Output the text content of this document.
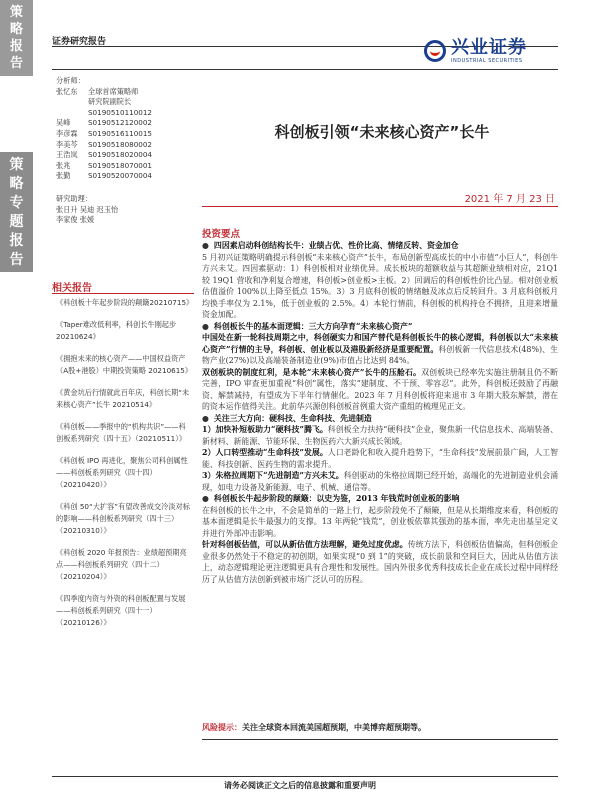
策
略
报
告
策
略
专
题
报
告
证券研究报告	兴业证券
INDUSTRIAL SECURITIES
分析师：
张忆东	全球首席策略师
研究院副院长
S0190510110012
吴峰	S0190512120002
李彦霖	S0190516110015
李美芩	S0190518080002
王浩岚	S0190518020004
张兆	S0190518070001
张勤	S0190520070004
研究助理：
张日升 吴迪 迟玉怡
李家俊 张媛
相关报告
《科创板十年起步阶段的颠簸20210715》
《Taper难改低利率，科创长牛刚起步 20210624》
《拥抱未来的核心资产——中国权益资产（A股+港股）中期投资策略 20210615》
《黄金坑后行情就此百年庆，科创长期“未来核心资产”长牛 20210514》
《科创板——季报中的“机构共识”——科创板系列研究（四十五）（20210511）》
《科创板 IPO 再进化，聚焦公司科创属性——科创板系列研究（四十四）（20210420）》
《科创 50“大扩容”有望改善成交冷淡对标的影响——科创板系列研究（四十三）（20210310）》
《科创板 2020 年报预告：业绩超预期亮点——科创板系列研究（四十二）（20210204）》
《四季度内资与外资的科创板配置与发展——科创板系列研究（四十一）（20210126）》
科创板引领“未来核心资产”长牛
2021 年 7 月 23 日
投资要点

● 四因素启动科创结构长牛：业绩占优、性价比高、情绪反转、资金加仓

5 月初兴证策略明确提示科创板“未来核心资产”长牛，布局创新型高成长的中小市值“小巨人”，科创牛方兴未艾。四因素驱动：1）科创板相对业绩优异。成长板块的超额收益与其超额业绩相对应，21Q1 较 19Q1 营收和净利复合增速，科创板>创业板>主板。2）回调后的科创板性价比凸显。相对创业板估值溢价 100%以上降至低点 15%。3）3 月底科创板的情绪触及冰点后反转回升。3 月底科创板月均换手率仅为 2.1%，低于创业板的 2.5%。4）本轮行情前，科创板的机构持仓不拥挤，且迎来增量资金加配。

● 科创板长牛的基本面逻辑：三大方向孕育“未来核心资产”

中国处在新一轮科技周期之中，科创硬实力和国产替代是科创板长牛的核心逻辑，科创板以大“未来核心资产”行情的主导，科创板、创业板以及港股新经济是重要配置。科创板新一代信息技术(48%)、生物产业(27%)以及高端装备制造业(9%)市值占比达到 84%。

双创板块的制度红利，是本轮“未来核心资产”长牛的压舱石。双创板块已经率先实施注册制且仍不断完善，IPO 审查更加重视“科创”属性，落实“建制度、不干预、零容忍”。此外，科创板还鼓励了再融资、解禁减持，有望成为下半年行情催化。2023 年 7 月科创板将迎来退市 3 年期大股东解禁，潜在的资本运作值得关注。此前华兴源创科创板首例重大资产重组的梳理见正文。

● 关注三大方向：硬科技、生命科技、先进制造

1）加快补短板助力“硬科技”腾飞。科创板全力扶持“硬科技”企业，聚焦新一代信息技术、高端装备、新材料、新能源、节能环保、生物医药六大新兴成长领域。

2）人口转型推动“生命科技”发展。人口老龄化和收入提升趋势下，“生命科技”发展前景广阔，人工智能、科技创新、医药生物的需求提升。

3）朱格拉周期下“先进制造”方兴未艾。科创驱动的朱格拉周期已经开始，高端化的先进制造业机会涌现，如电力设备及新能源、电子、机械、通信等。

● 科创板长牛起步阶段的颠簸：以史为鉴，2013 年钱荒时创业板的影响

在科创板的长牛之中，不会是简单的一路上行，起步阶段免不了颠簸，但是从长期维度来看，科创板的基本面逻辑是长牛最强力的支撑。13 年两轮“钱荒”，创业板依靠其强劲的基本面，率先走出基呈定义并进行外部冲击影响。

针对科创板估值，可以从新估值方法理解，避免过度优虑。传统方法下，科创板估值偏高，但科创板企业很多仍然处于不稳定的初创期，如果实现“0 到 1”的突破，成长前景和空间巨大，因此从估值方法上，动态逻辑理论更注逻辑更具有合理性和发展性。国内外很多优秀科技成长企业在成长过程中同样经历了从估值方法创新到被市场广泛认可的历程。

风险提示：关注全球资本回流美国超预期，中美博弈超预期等。
请务必阅读正文之后的信息披露和重要声明
